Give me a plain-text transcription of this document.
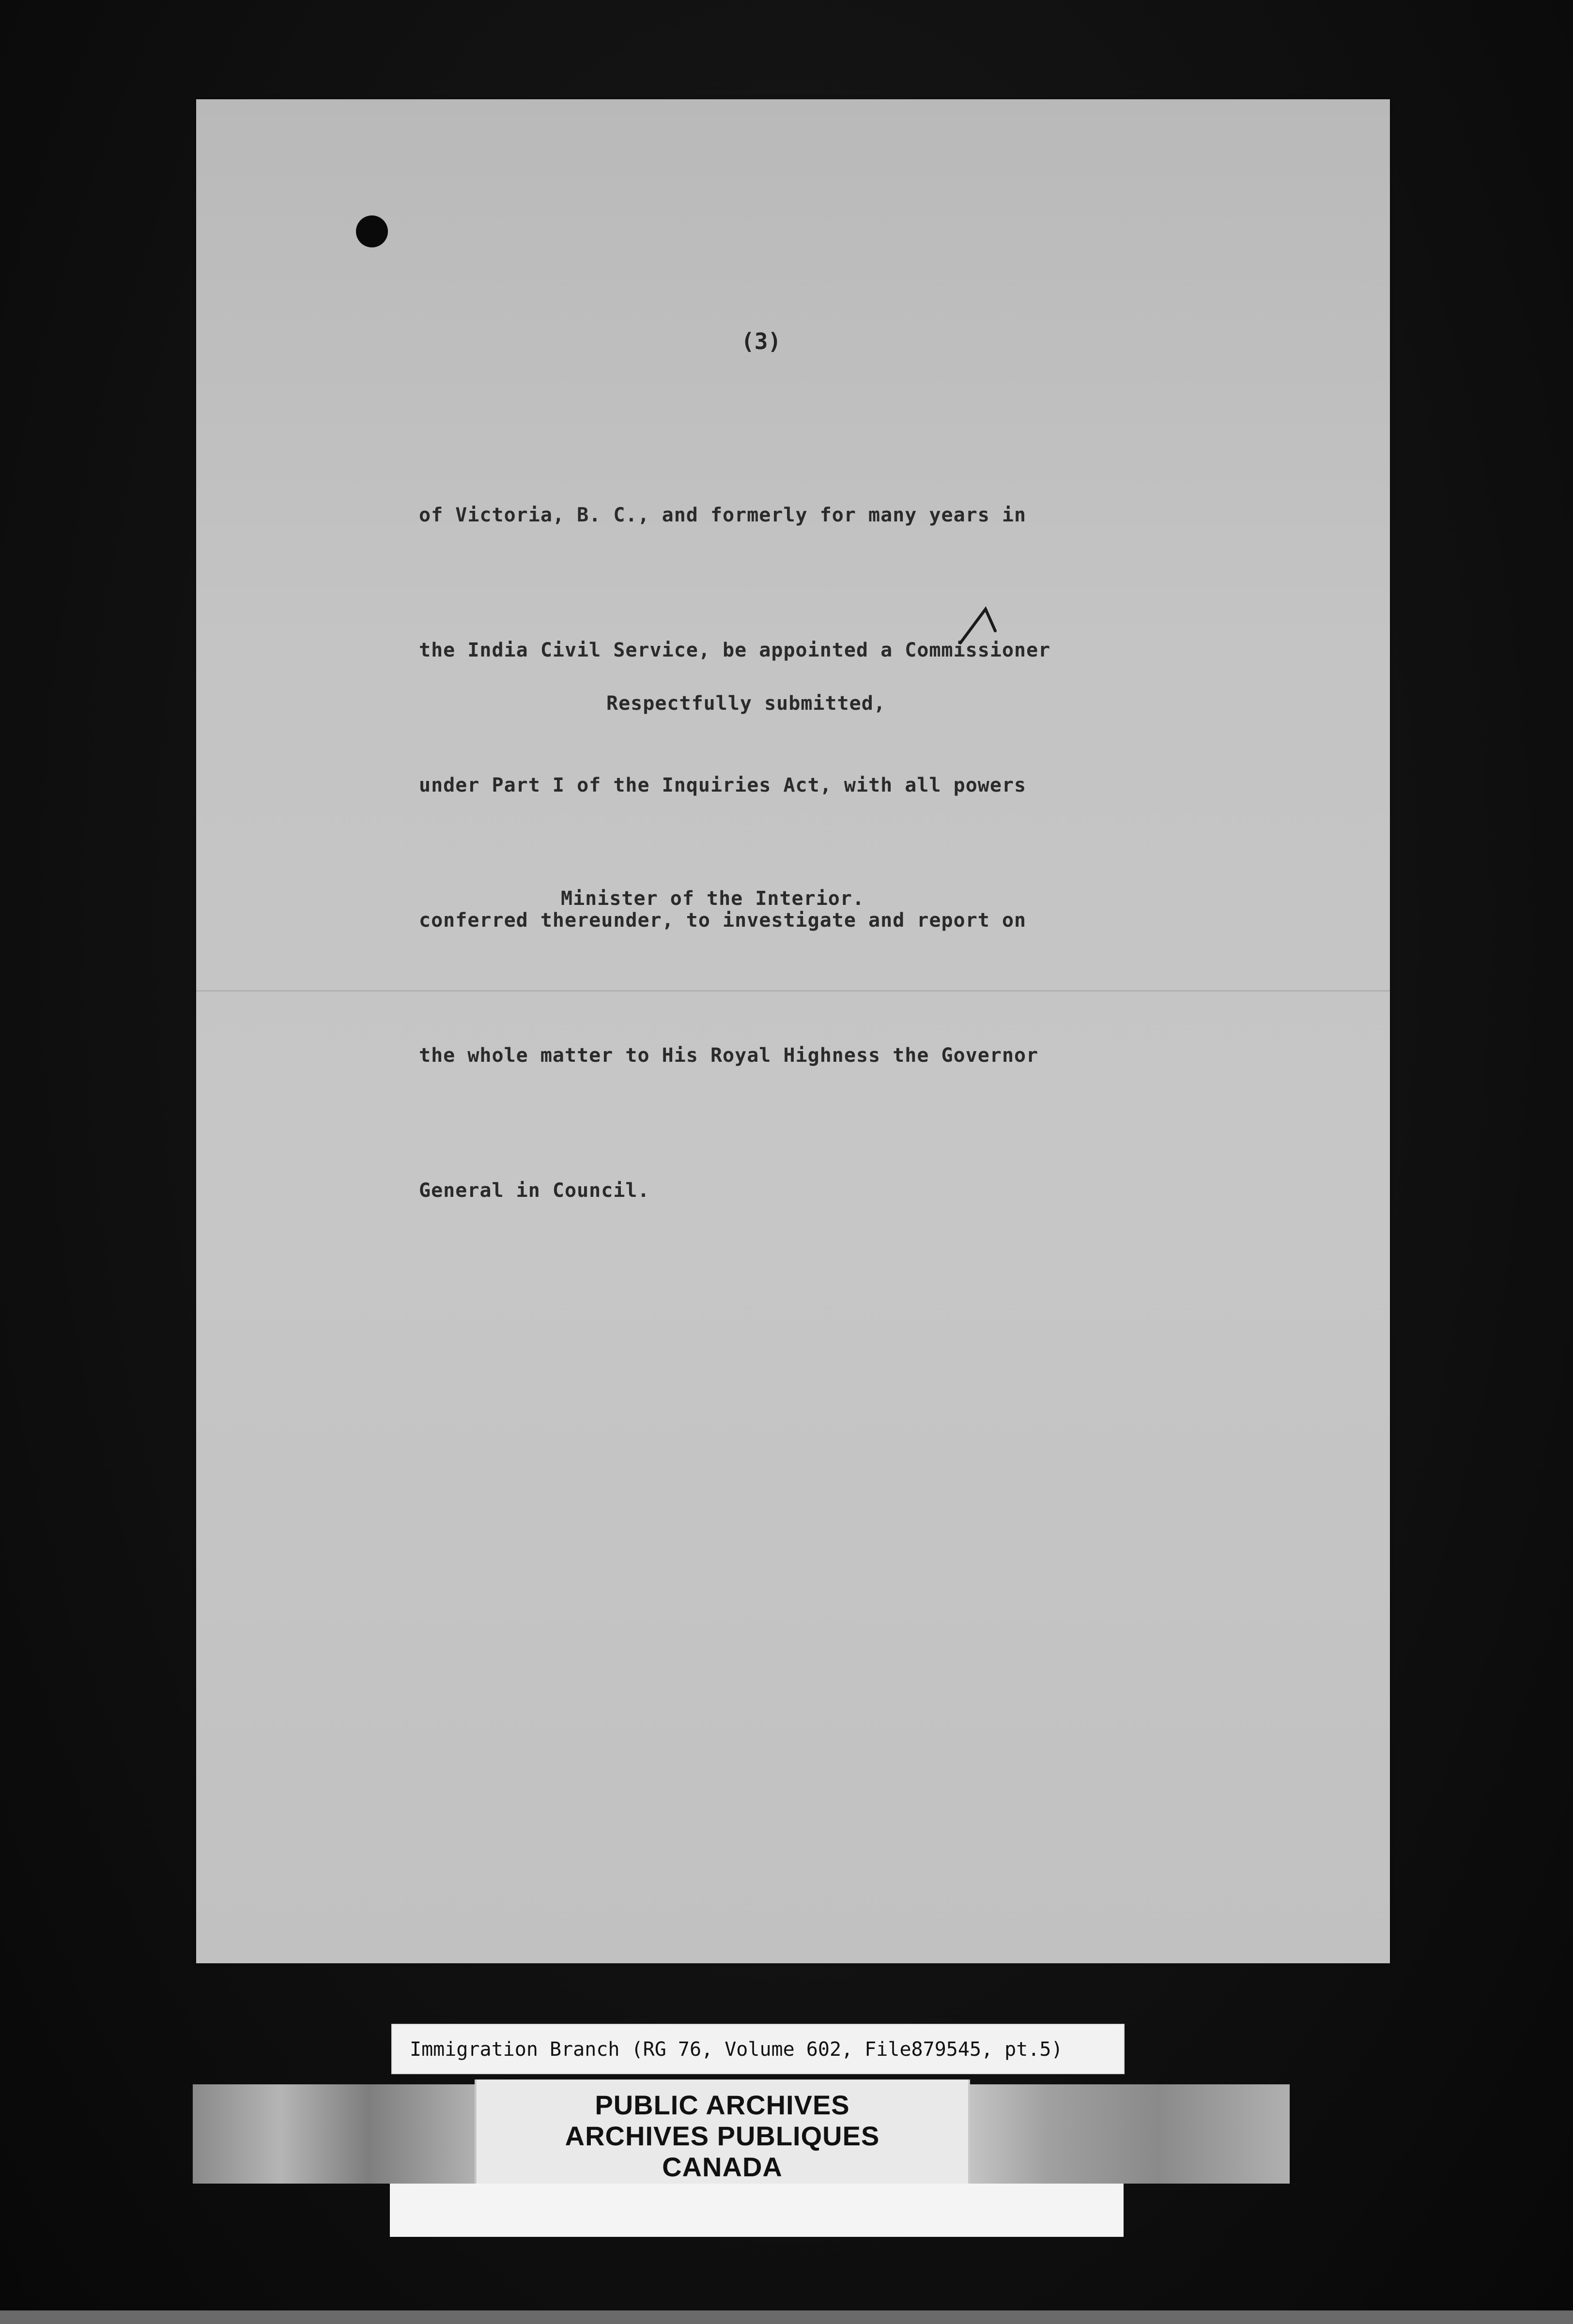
(3)

of Victoria, B. C., and formerly for many years in

the India Civil Service, be appointed a Commissioner

under Part I of the Inquiries Act, with all powers

conferred thereunder, to investigate and report on

the whole matter to His Royal Highness the Governor

General in Council.

Respectfully submitted,
Minister of the Interior.
Immigration Branch (RG 76, Volume 602, File879545, pt.5)
PUBLIC ARCHIVES
ARCHIVES PUBLIQUES
CANADA
